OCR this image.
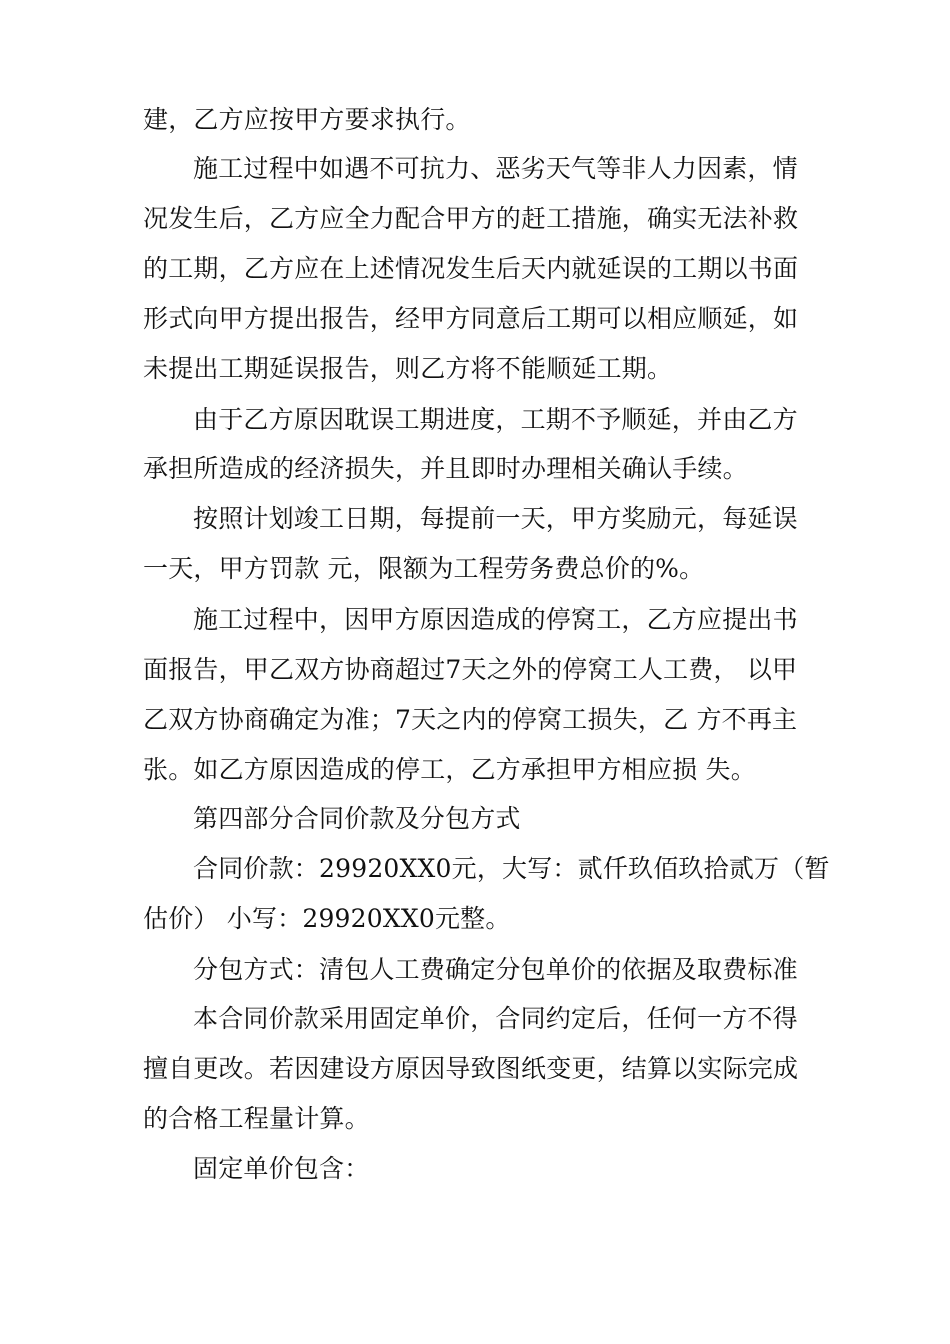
建，乙方应按甲方要求执行。
施工过程中如遇不可抗力、恶劣天气等非人力因素，情
况发生后，乙方应全力配合甲方的赶工措施，确实无法补救
的工期，乙方应在上述情况发生后天内就延误的工期以书面
形式向甲方提出报告，经甲方同意后工期可以相应顺延，如
未提出工期延误报告，则乙方将不能顺延工期。
由于乙方原因耽误工期进度，工期不予顺延，并由乙方
承担所造成的经济损失，并且即时办理相关确认手续。
按照计划竣工日期，每提前一天，甲方奖励元，每延误
一天，甲方罚款 元，限额为工程劳务费总价的%。
施工过程中，因甲方原因造成的停窝工，乙方应提出书
面报告，甲乙双方协商超过7天之外的停窝工人工费， 以甲
乙双方协商确定为准；7天之内的停窝工损失，乙 方不再主
张。如乙方原因造成的停工，乙方承担甲方相应损 失。
第四部分合同价款及分包方式
合同价款：29920XX0元，大写：贰仟玖佰玖拾贰万（暂
估价） 小写：29920XX0元整。
分包方式：清包人工费确定分包单价的依据及取费标准
本合同价款采用固定单价，合同约定后，任何一方不得
擅自更改。若因建设方原因导致图纸变更，结算以实际完成
的合格工程量计算。
固定单价包含：
